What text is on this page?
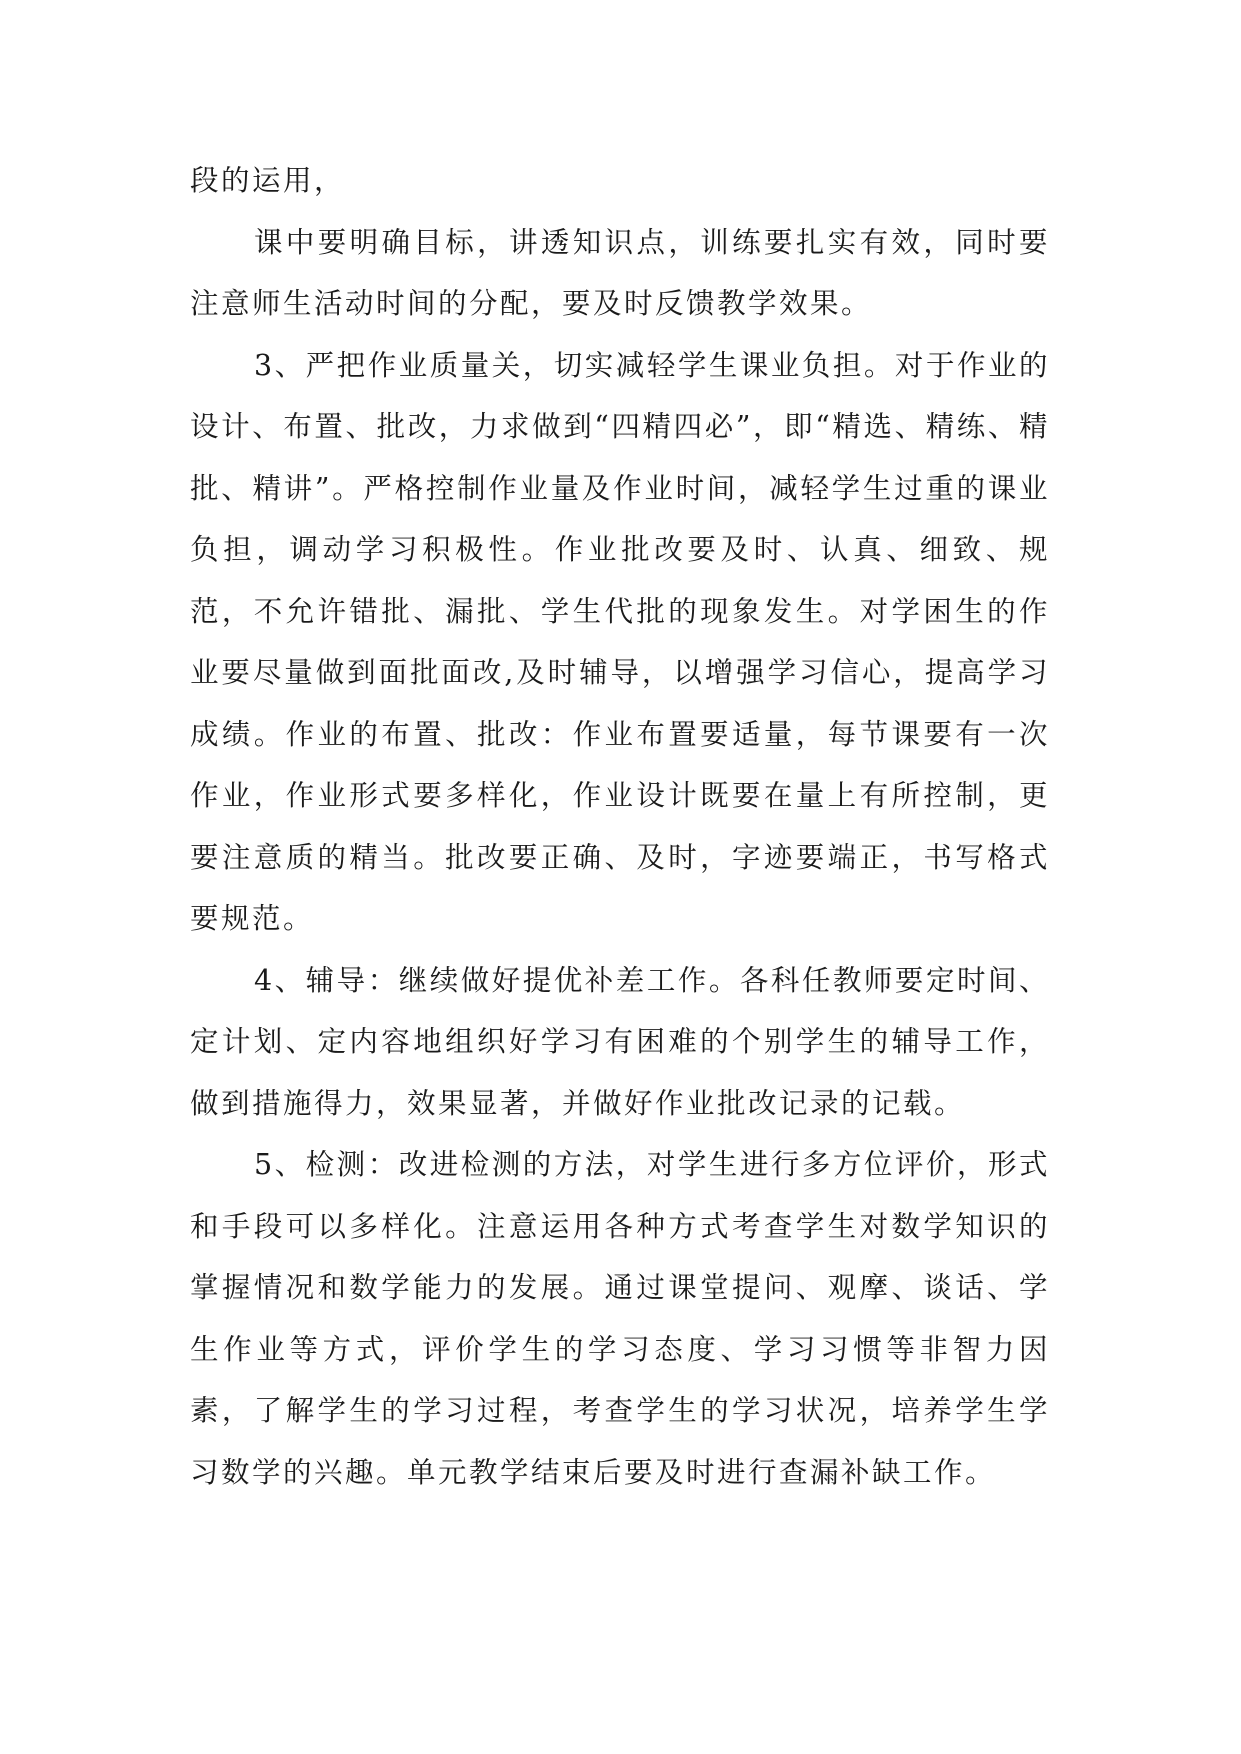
段的运用，

课中要明确目标，讲透知识点，训练要扎实有效，同时要注意师生活动时间的分配，要及时反馈教学效果。

3、严把作业质量关，切实减轻学生课业负担。对于作业的设计、布置、批改，力求做到“四精四必”，即“精选、精练、精批、精讲”。严格控制作业量及作业时间，减轻学生过重的课业负担，调动学习积极性。作业批改要及时、认真、细致、规范，不允许错批、漏批、学生代批的现象发生。对学困生的作业要尽量做到面批面改,及时辅导，以增强学习信心，提高学习成绩。作业的布置、批改：作业布置要适量，每节课要有一次作业，作业形式要多样化，作业设计既要在量上有所控制，更要注意质的精当。批改要正确、及时，字迹要端正，书写格式要规范。

4、辅导：继续做好提优补差工作。各科任教师要定时间、定计划、定内容地组织好学习有困难的个别学生的辅导工作，做到措施得力，效果显著，并做好作业批改记录的记载。

5、检测：改进检测的方法，对学生进行多方位评价，形式和手段可以多样化。注意运用各种方式考查学生对数学知识的掌握情况和数学能力的发展。通过课堂提问、观摩、谈话、学生作业等方式，评价学生的学习态度、学习习惯等非智力因素，了解学生的学习过程，考查学生的学习状况，培养学生学习数学的兴趣。单元教学结束后要及时进行查漏补缺工作。
